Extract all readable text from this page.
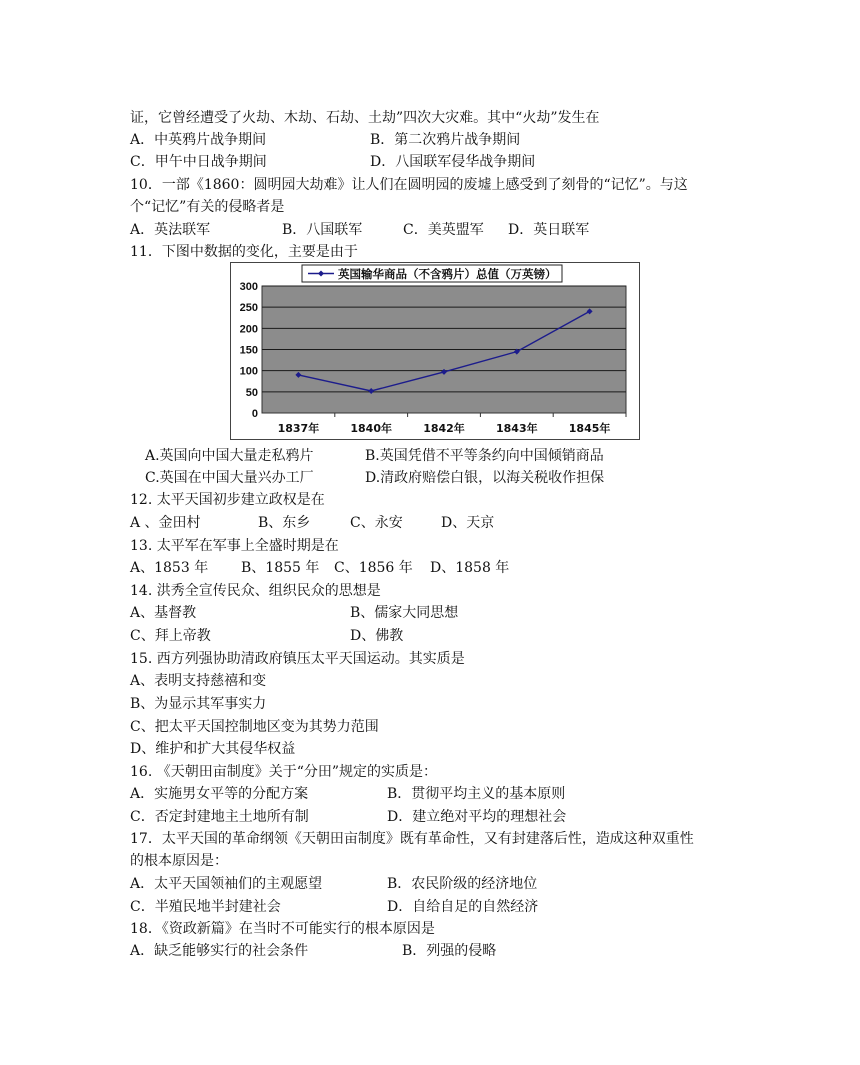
证，它曾经遭受了火劫、木劫、石劫、土劫”四次大灾难。其中“火劫”发生在
A．中英鸦片战争期间	B．第二次鸦片战争期间
C．甲午中日战争期间	D．八国联军侵华战争期间
10．一部《1860：圆明园大劫难》让人们在圆明园的废墟上感受到了刻骨的“记忆”。与这
个“记忆”有关的侵略者是
A．英法联军	B．八国联军	C．美英盟军 D．英日联军
11．下图中数据的变化，主要是由于
0
50
100
150
200
250
300
1837年	1840年	1842年	1843年	1845年
英国输华商品（不含鸦片）总值（万英镑）
A.英国向中国大量走私鸦片	B.英国凭借不平等条约向中国倾销商品
C.英国在中国大量兴办工厂	D.清政府赔偿白银，以海关税收作担保
12. 太平天国初步建立政权是在
A 、金田村	B、东乡	C、永安	D、天京
13. 太平军在军事上全盛时期是在
A、1853 年 B、1855 年 C、1856 年 D、1858 年
14. 洪秀全宣传民众、组织民众的思想是
A、基督教	B、儒家大同思想
C、拜上帝教	D、佛教
15. 西方列强协助清政府镇压太平天国运动。其实质是
A、表明支持慈禧和变
B、为显示其军事实力
C、把太平天国控制地区变为其势力范围
D、维护和扩大其侵华权益
16. 《天朝田亩制度》关于“分田”规定的实质是：
A．实施男女平等的分配方案	B．贯彻平均主义的基本原则
C．否定封建地主土地所有制	D．建立绝对平均的理想社会
17．太平天国的革命纲领《天朝田亩制度》既有革命性，又有封建落后性，造成这种双重性
的根本原因是：
A．太平天国领袖们的主观愿望	B．农民阶级的经济地位
C．半殖民地半封建社会	D．自给自足的自然经济
18．《资政新篇》在当时不可能实行的根本原因是
A．缺乏能够实行的社会条件	B．列强的侵略
